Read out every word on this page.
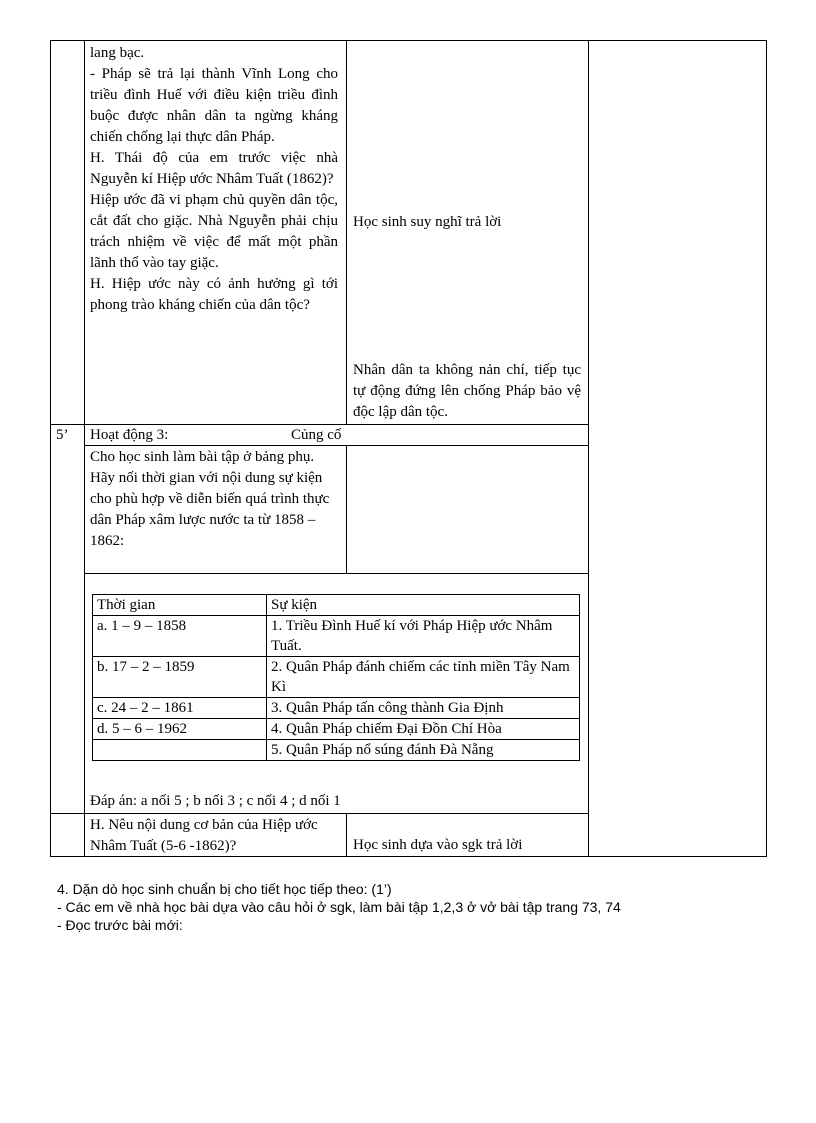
lang bạc.

- Pháp sẽ trả lại thành Vĩnh Long cho triều đình Huế với điều kiện triều đình buộc được nhân dân ta ngừng kháng chiến chống lại thực dân Pháp.

H. Thái độ của em trước việc nhà Nguyễn kí Hiệp ước Nhâm Tuất (1862)?

Hiệp ước đã vi phạm chủ quyền dân tộc, cắt đất cho giặc. Nhà Nguyễn phải chịu trách nhiệm về việc để mất một phần lãnh thổ vào tay giặc.

H. Hiệp ước này có ảnh hưởng gì tới phong trào kháng chiến của dân tộc?

Học sinh suy nghĩ trả lời
Nhân dân ta không nản chí, tiếp tục tự động đứng lên chống Pháp bảo vệ độc lập dân tộc.
5’ Hoạt động 3:	Củng cố

Cho học sinh làm bài tập ở bảng phụ.

Hãy nối thời gian với nội dung sự kiện cho phù hợp về diễn biến quá trình thực dân Pháp xâm lược nước ta từ 1858 – 1862:

Thời gian	Sự kiện
a. 1 – 9 – 1858	1. Triều Đình Huế kí với Pháp Hiệp ước Nhâm Tuất.
b. 17 – 2 – 1859	2. Quân Pháp đánh chiếm các tỉnh miền Tây Nam Kì
c. 24 – 2 – 1861	3. Quân Pháp tấn công thành Gia Định
d. 5 – 6 – 1962	4. Quân Pháp chiếm Đại Đồn Chí Hòa
	5. Quân Pháp nổ súng đánh Đà Nẵng
Đáp án: a nối 5 ; b nối 3 ; c nối 4 ; d nối 1
H. Nêu nội dung cơ bản của Hiệp ước Nhâm Tuất (5-6 -1862)?	Học sinh dựa vào sgk trả lời

4. Dặn dò học sinh chuẩn bị cho tiết học tiếp theo: (1’)

- Các em về nhà học bài dựa vào câu hỏi ở sgk, làm bài tập 1,2,3 ở vở bài tập trang 73, 74

- Đọc trước bài mới:
